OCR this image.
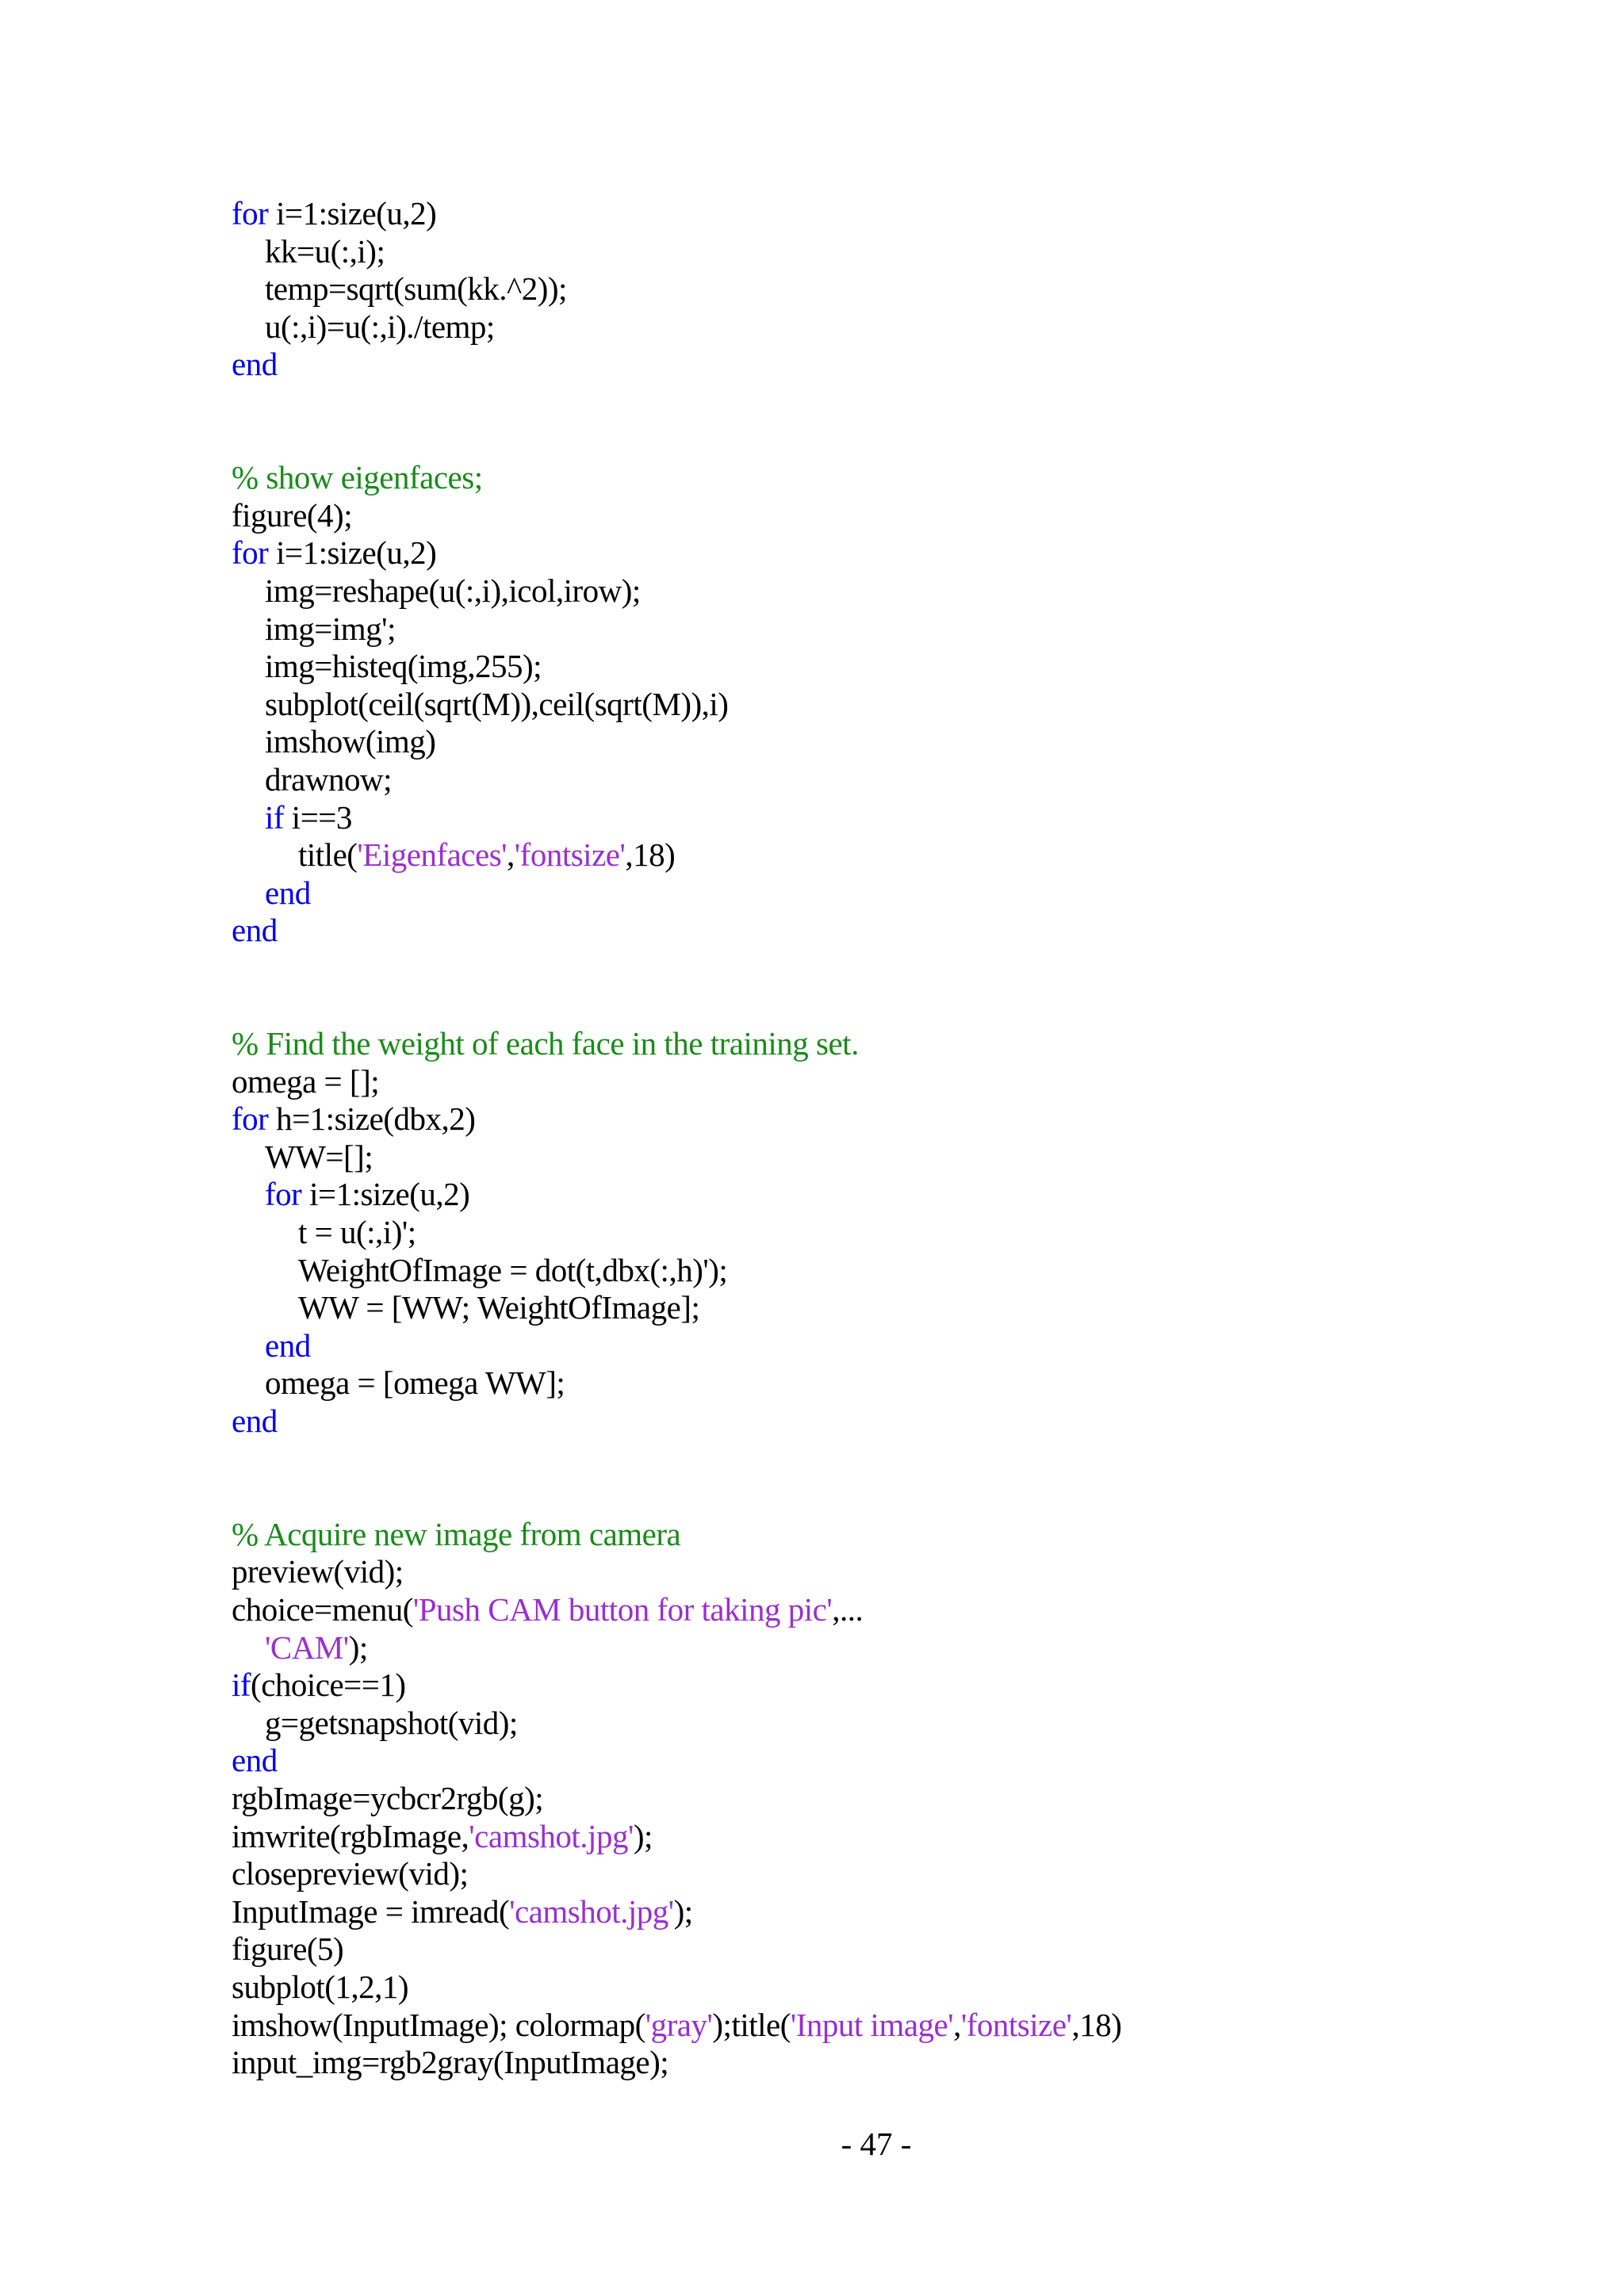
for i=1:size(u,2)
kk=u(:,i);
temp=sqrt(sum(kk.^2));
u(:,i)=u(:,i)./temp;
end
% show eigenfaces;
figure(4);
for i=1:size(u,2)
img=reshape(u(:,i),icol,irow);
img=img';
img=histeq(img,255);
subplot(ceil(sqrt(M)),ceil(sqrt(M)),i)
imshow(img)
drawnow;
if i==3
title('Eigenfaces','fontsize',18)
end
end
% Find the weight of each face in the training set.
omega = [];
for h=1:size(dbx,2)
WW=[];
for i=1:size(u,2)
t = u(:,i)';
WeightOfImage = dot(t,dbx(:,h)');
WW = [WW; WeightOfImage];
end
omega = [omega WW];
end
% Acquire new image from camera
preview(vid);
choice=menu('Push CAM button for taking pic',...
'CAM');
if(choice==1)
g=getsnapshot(vid);
end
rgbImage=ycbcr2rgb(g);
imwrite(rgbImage,'camshot.jpg');
closepreview(vid);
InputImage = imread('camshot.jpg');
figure(5)
subplot(1,2,1)
imshow(InputImage); colormap('gray');title('Input image','fontsize',18)
input_img=rgb2gray(InputImage);
- 47 -
